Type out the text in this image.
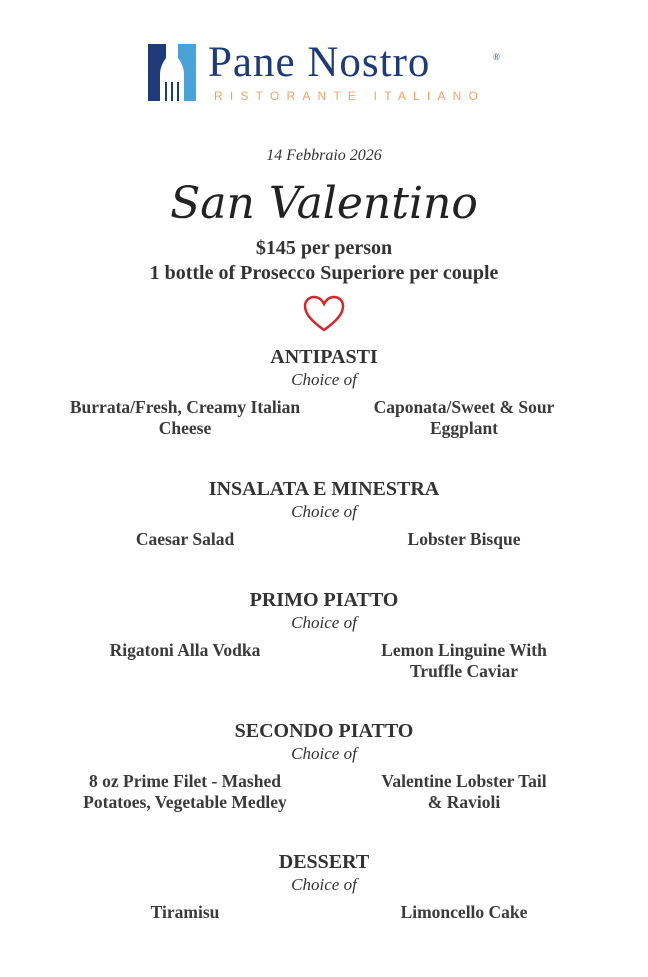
Pane Nostro	®
RISTORANTE ITALIANO
14 Febbraio 2026
San Valentino
$145 per person
1 bottle of Prosecco Superiore per couple
ANTIPASTI
Choice of
Burrata/Fresh, Creamy Italian Cheese
Caponata/Sweet & Sour Eggplant
INSALATA E MINESTRA
Choice of
Caesar Salad	Lobster Bisque
PRIMO PIATTO
Choice of
Rigatoni Alla Vodka	Lemon Linguine With Truffle Caviar
SECONDO PIATTO
Choice of
8 oz Prime Filet - Mashed Potatoes, Vegetable Medley
Valentine Lobster Tail & Ravioli
DESSERT
Choice of
Tiramisu	Limoncello Cake
